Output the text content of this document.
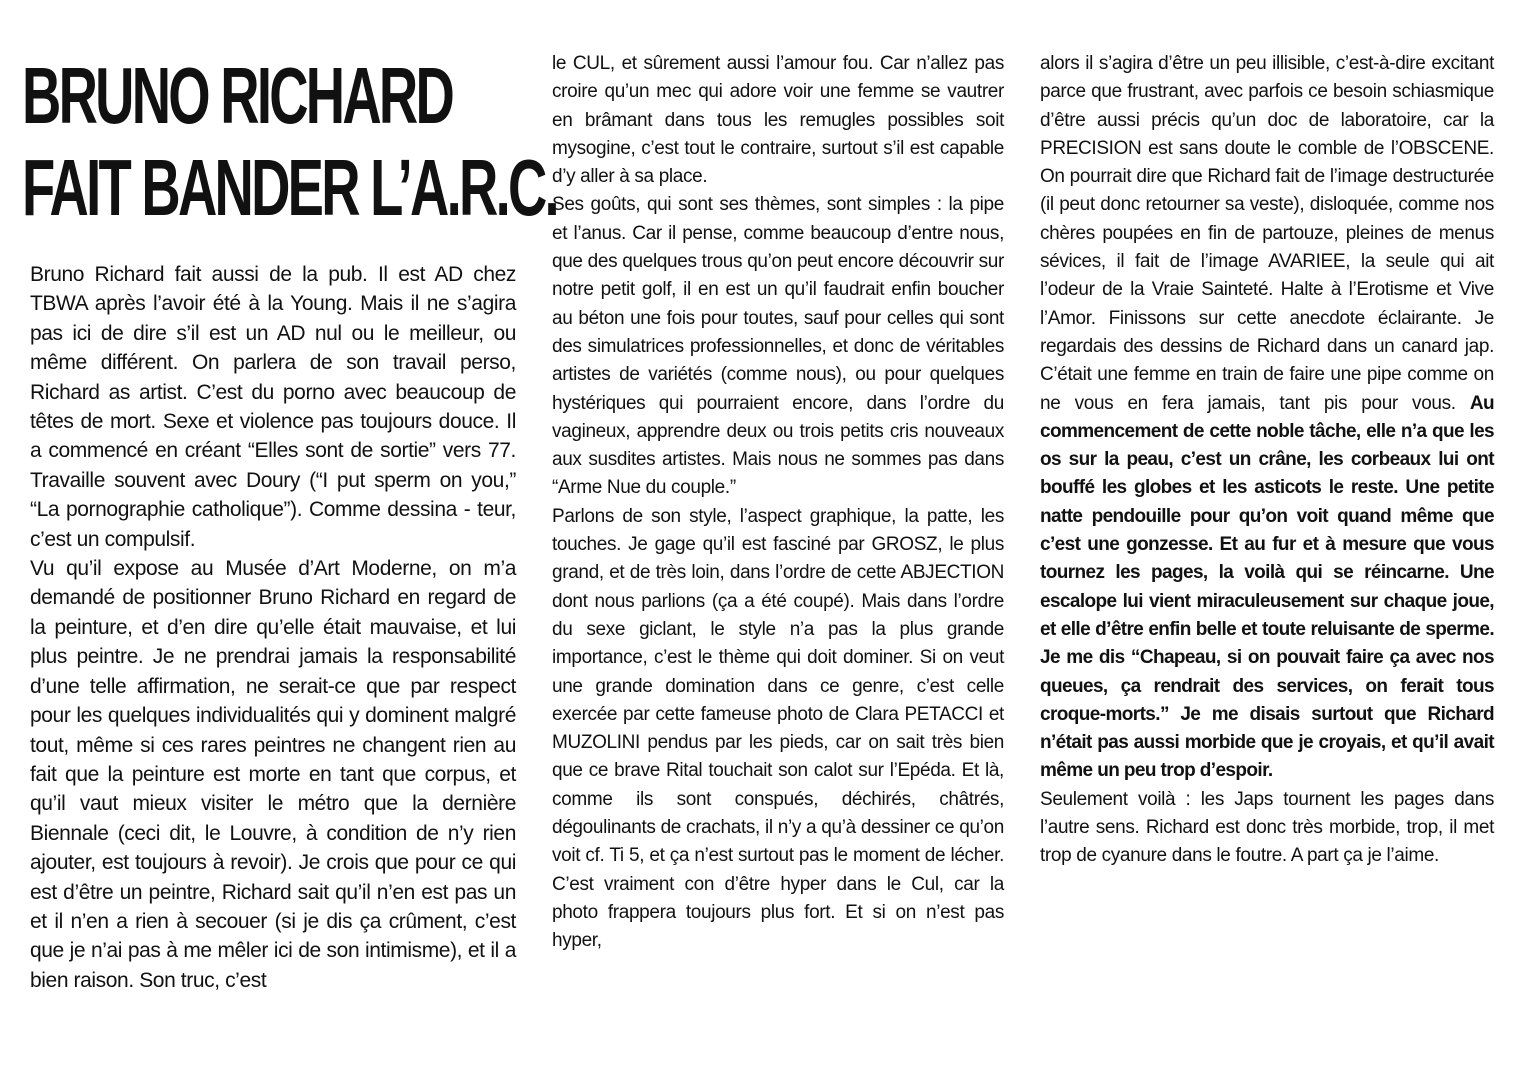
BRUNO RICHARD
FAIT BANDER L’A.R.C.

Bruno Richard fait aussi de la pub. Il est AD chez TBWA après l’avoir été à la Young. Mais il ne s’agira pas ici de dire s’il est un AD nul ou le meilleur, ou même différent. On parlera de son travail perso, Richard as artist. C’est du porno avec beaucoup de têtes de mort. Sexe et violence pas toujours douce. Il a commencé en créant “Elles sont de sortie” vers 77. Travaille souvent avec Doury (“I put sperm on you,” “La pornographie catholique”). Comme dessina - teur, c’est un compulsif.

Vu qu’il expose au Musée d’Art Moderne, on m’a demandé de positionner Bruno Richard en regard de la peinture, et d’en dire qu’elle était mauvaise, et lui plus peintre. Je ne prendrai jamais la responsabilité d’une telle affirmation, ne serait-ce que par respect pour les quelques individualités qui y dominent malgré tout, même si ces rares peintres ne changent rien au fait que la peinture est morte en tant que corpus, et qu’il vaut mieux visiter le métro que la dernière Biennale (ceci dit, le Louvre, à condition de n’y rien ajouter, est toujours à revoir). Je crois que pour ce qui est d’être un peintre, Richard sait qu’il n’en est pas un et il n’en a rien à secouer (si je dis ça crûment, c’est que je n’ai pas à me mêler ici de son intimisme), et il a bien raison. Son truc, c’est

le CUL, et sûrement aussi l’amour fou. Car n’allez pas croire qu’un mec qui adore voir une femme se vautrer en brâmant dans tous les remugles possibles soit mysogine, c’est tout le contraire, surtout s’il est capable d’y aller à sa place.

Ses goûts, qui sont ses thèmes, sont simples : la pipe et l’anus. Car il pense, comme beaucoup d’entre nous, que des quelques trous qu’on peut encore découvrir sur notre petit golf, il en est un qu’il faudrait enfin boucher au béton une fois pour toutes, sauf pour celles qui sont des simulatrices professionnelles, et donc de véritables artistes de variétés (comme nous), ou pour quelques hystériques qui pourraient encore, dans l’ordre du vagineux, apprendre deux ou trois petits cris nouveaux aux susdites artistes. Mais nous ne sommes pas dans “Arme Nue du couple.”

Parlons de son style, l’aspect graphique, la patte, les touches. Je gage qu’il est fasciné par GROSZ, le plus grand, et de très loin, dans l’ordre de cette ABJECTION dont nous parlions (ça a été coupé). Mais dans l’ordre du sexe giclant, le style n’a pas la plus grande importance, c’est le thème qui doit dominer. Si on veut une grande domination dans ce genre, c’est celle exercée par cette fameuse photo de Clara PETACCI et MUZOLINI pendus par les pieds, car on sait très bien que ce brave Rital touchait son calot sur l’Epéda. Et là, comme ils sont conspués, déchirés, châtrés, dégoulinants de crachats, il n’y a qu’à dessiner ce qu’on voit cf. Ti 5, et ça n’est surtout pas le moment de lécher. C’est vraiment con d’être hyper dans le Cul, car la photo frappera toujours plus fort. Et si on n’est pas hyper,

alors il s’agira d’être un peu illisible, c’est-à-dire excitant parce que frustrant, avec parfois ce besoin schiasmique d’être aussi précis qu’un doc de laboratoire, car la PRECISION est sans doute le comble de l’OBSCENE. On pourrait dire que Richard fait de l’image destructurée (il peut donc retourner sa veste), disloquée, comme nos chères poupées en fin de partouze, pleines de menus sévices, il fait de l’image AVARIEE, la seule qui ait l’odeur de la Vraie Sainteté. Halte à l’Erotisme et Vive l’Amor. Finissons sur cette anecdote éclairante. Je regardais des dessins de Richard dans un canard jap. C’était une femme en train de faire une pipe comme on ne vous en fera jamais, tant pis pour vous. Au commencement de cette noble tâche, elle n’a que les os sur la peau, c’est un crâne, les corbeaux lui ont bouffé les globes et les asticots le reste. Une petite natte pendouille pour qu’on voit quand même que c’est une gonzesse. Et au fur et à mesure que vous tournez les pages, la voilà qui se réincarne. Une escalope lui vient miraculeusement sur chaque joue, et elle d’être enfin belle et toute reluisante de sperme. Je me dis “Chapeau, si on pouvait faire ça avec nos queues, ça rendrait des services, on ferait tous croque-morts.” Je me disais surtout que Richard n’était pas aussi morbide que je croyais, et qu’il avait même un peu trop d’espoir.

Seulement voilà : les Japs tournent les pages dans l’autre sens. Richard est donc très morbide, trop, il met trop de cyanure dans le foutre. A part ça je l’aime.
